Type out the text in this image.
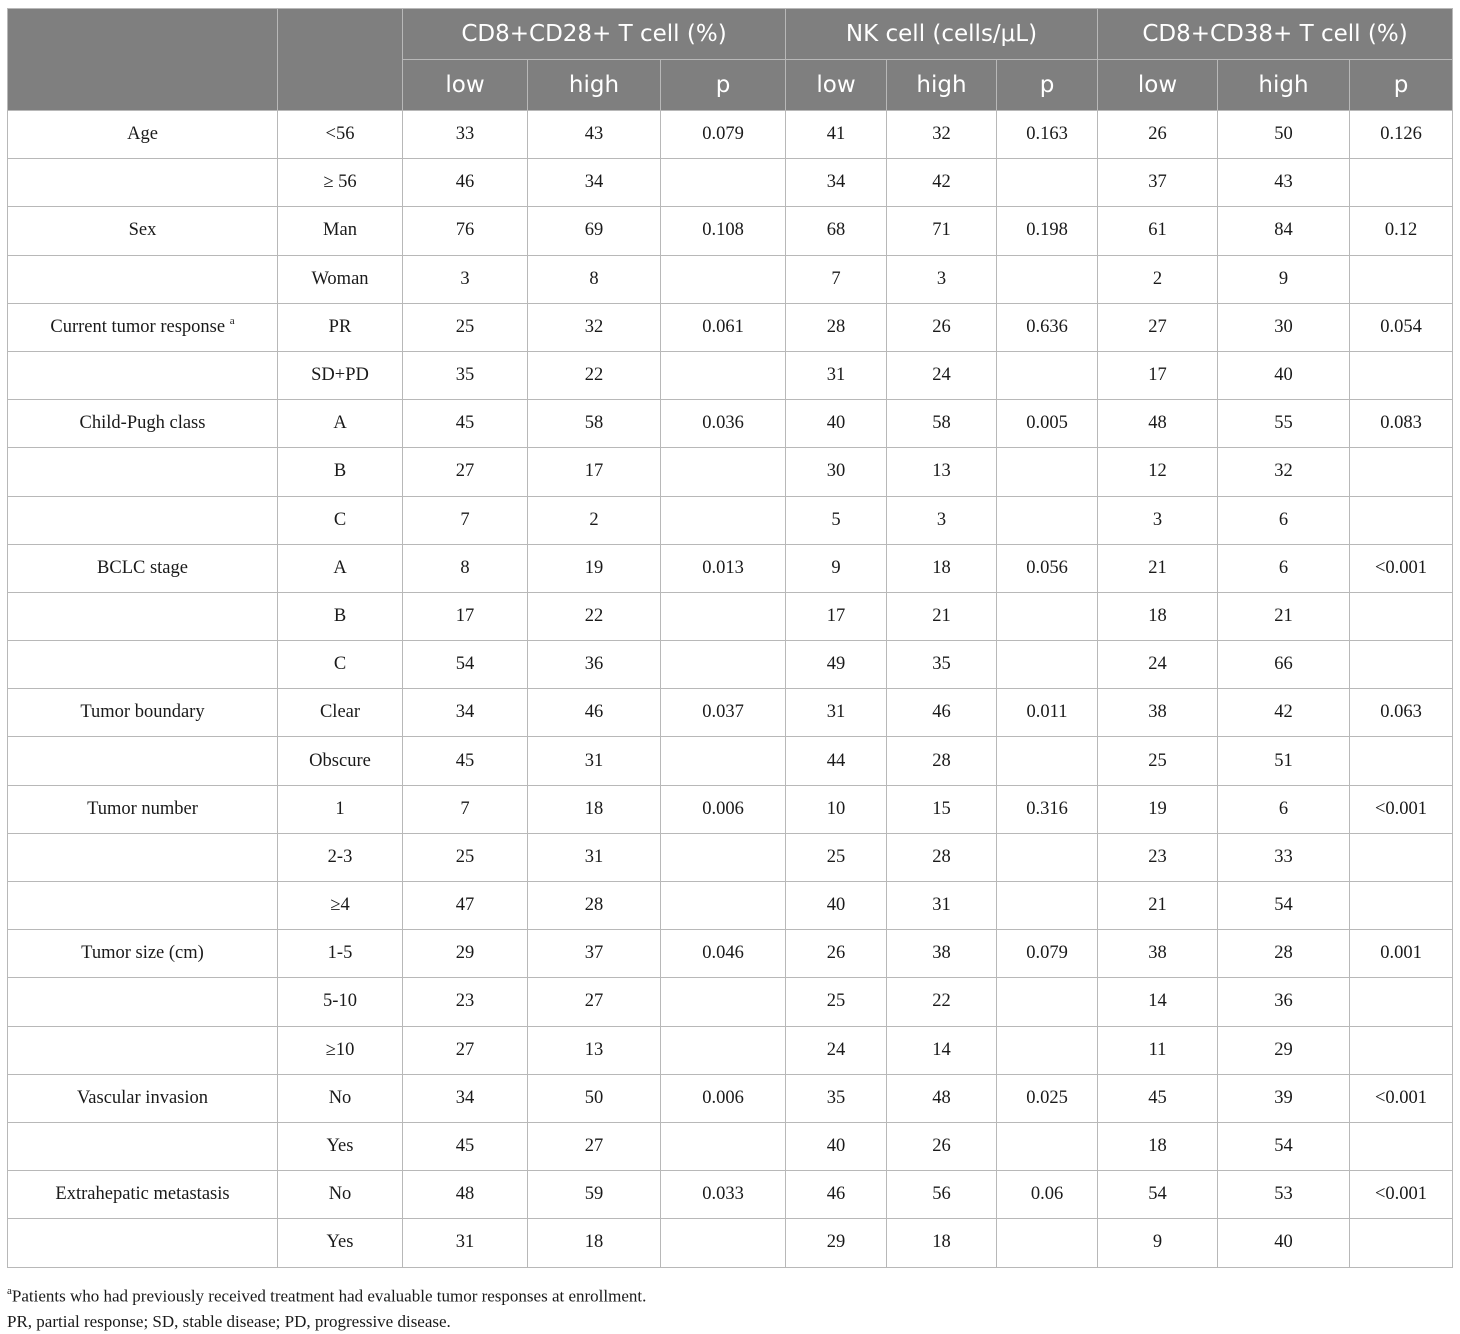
		CD8+CD28+ T cell (%)			NK cell (cells/μL)			CD8+CD38+ T cell (%)		
		low	high	p	low	high	p	low	high	p
Age	<56	33	43	0.079	41	32	0.163	26	50	0.126
	≥ 56	46	34		34	42		37	43	
Sex	Man	76	69	0.108	68	71	0.198	61	84	0.12
	Woman	3	8		7	3		2	9	
Current tumor response $^a$	PR	25	32	0.061	28	26	0.636	27	30	0.054
	SD+PD	35	22		31	24		17	40	
Child-Pugh class	A	45	58	0.036	40	58	0.005	48	55	0.083
	B	27	17		30	13		12	32	
	C	7	2		5	3		3	6	
BCLC stage	A	8	19	0.013	9	18	0.056	21	6	<0.001
	B	17	22		17	21		18	21	
	C	54	36		49	35		24	66	
Tumor boundary	Clear	34	46	0.037	31	46	0.011	38	42	0.063
	Obscure	45	31		44	28		25	51	
Tumor number	1	7	18	0.006	10	15	0.316	19	6	<0.001
	2-3	25	31		25	28		23	33	
	≥4	47	28		40	31		21	54	
Tumor size (cm)	1-5	29	37	0.046	26	38	0.079	38	28	0.001
	5-10	23	27		25	22		14	36	
	≥10	27	13		24	14		11	29	
Vascular invasion	No	34	50	0.006	35	48	0.025	45	39	<0.001
	Yes	45	27		40	26		18	54	
Extrahepatic metastasis	No	48	59	0.033	46	56	0.06	54	53	<0.001
	Yes	31	18		29	18		9	40	
$^a$Patients who had previously received treatment had evaluable tumor responses at enrollment.
PR, partial response; SD, stable disease; PD, progressive disease.
